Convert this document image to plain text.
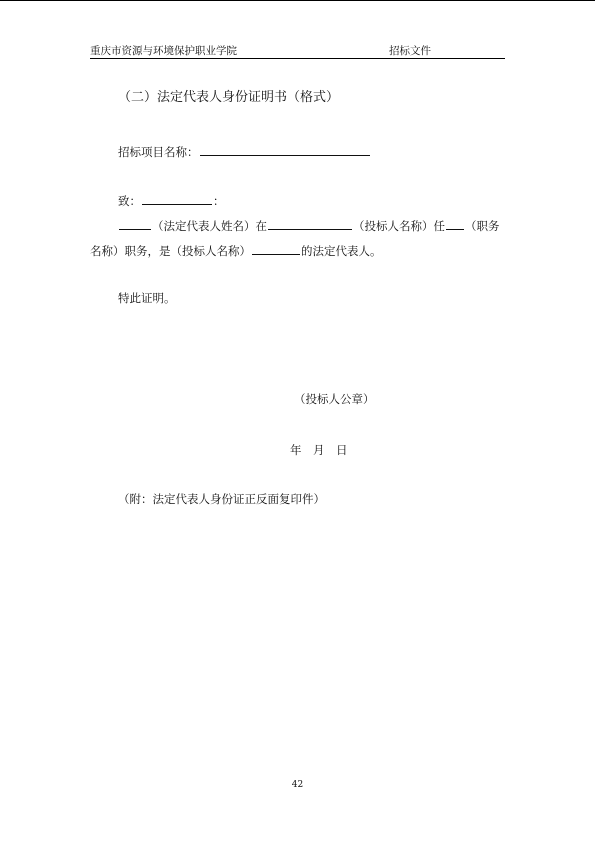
重庆市资源与环境保护职业学院	招标文件
（二）法定代表人身份证明书（格式）
招标项目名称：
致：	：
（法定代表人姓名）在	（投标人名称）任 （职务
名称）职务，是（投标人名称）	的法定代表人。
特此证明。
（投标人公章）
年　月　日
（附：法定代表人身份证正反面复印件）
42
